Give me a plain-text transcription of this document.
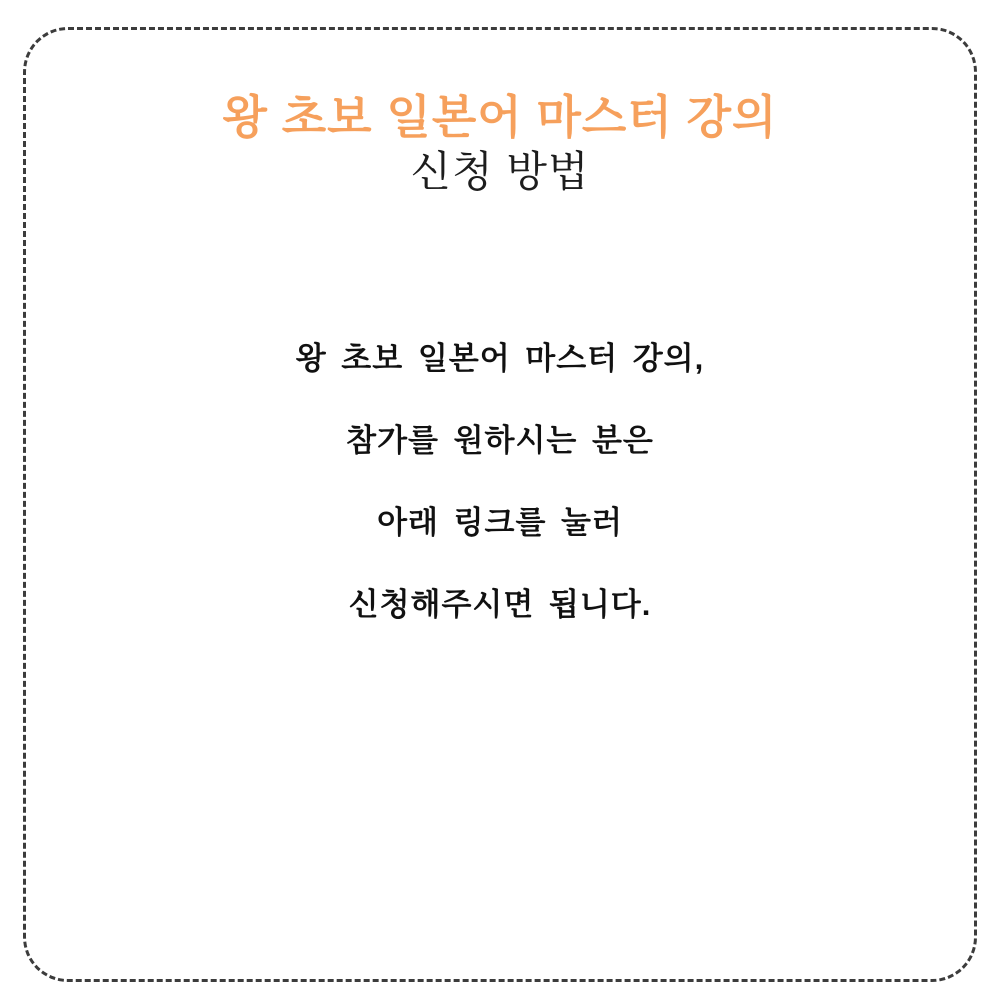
왕 초보 일본어 마스터 강의
신청 방법

왕 초보 일본어 마스터 강의,

참가를 원하시는 분은

아래 링크를 눌러

신청해주시면 됩니다.
